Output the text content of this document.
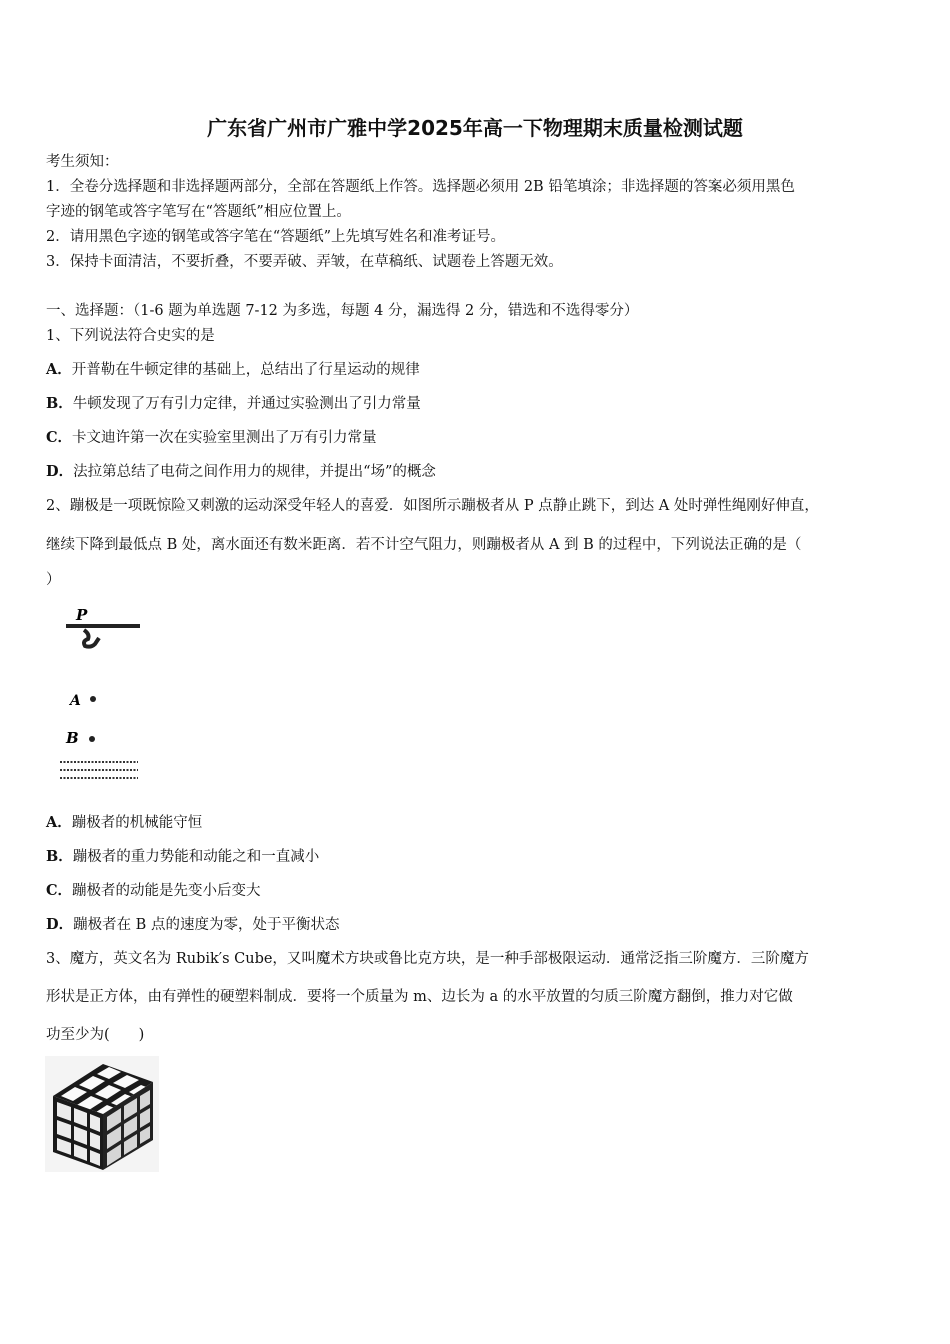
广东省广州市广雅中学2025年高一下物理期末质量检测试题
考生须知：
1．全卷分选择题和非选择题两部分，全部在答题纸上作答。选择题必须用 2B 铅笔填涂；非选择题的答案必须用黑色
字迹的钢笔或答字笔写在“答题纸”相应位置上。
2．请用黑色字迹的钢笔或答字笔在“答题纸”上先填写姓名和准考证号。
3．保持卡面清洁，不要折叠，不要弄破、弄皱，在草稿纸、试题卷上答题无效。
一、选择题：（1-6 题为单选题 7-12 为多选，每题 4 分，漏选得 2 分，错选和不选得零分）
1、下列说法符合史实的是
A．开普勒在牛顿定律的基础上，总结出了行星运动的规律
B．牛顿发现了万有引力定律，并通过实验测出了引力常量
C．卡文迪许第一次在实验室里测出了万有引力常量
D．法拉第总结了电荷之间作用力的规律，并提出“场”的概念
2、蹦极是一项既惊险又刺激的运动深受年轻人的喜爱．如图所示蹦极者从 P 点静止跳下，到达 A 处时弹性绳刚好伸直，
继续下降到最低点 B 处，离水面还有数米距离．若不计空气阻力，则蹦极者从 A 到 B 的过程中，下列说法正确的是（
）
P
A
B
A．蹦极者的机械能守恒
B．蹦极者的重力势能和动能之和一直减小
C．蹦极者的动能是先变小后变大
D．蹦极者在 B 点的速度为零，处于平衡状态
3、魔方，英文名为 Rubik′s Cube，又叫魔术方块或鲁比克方块，是一种手部极限运动．通常泛指三阶魔方．三阶魔方
形状是正方体，由有弹性的硬塑料制成．要将一个质量为 m、边长为 a 的水平放置的匀质三阶魔方翻倒，推力对它做
功至少为(　　)
